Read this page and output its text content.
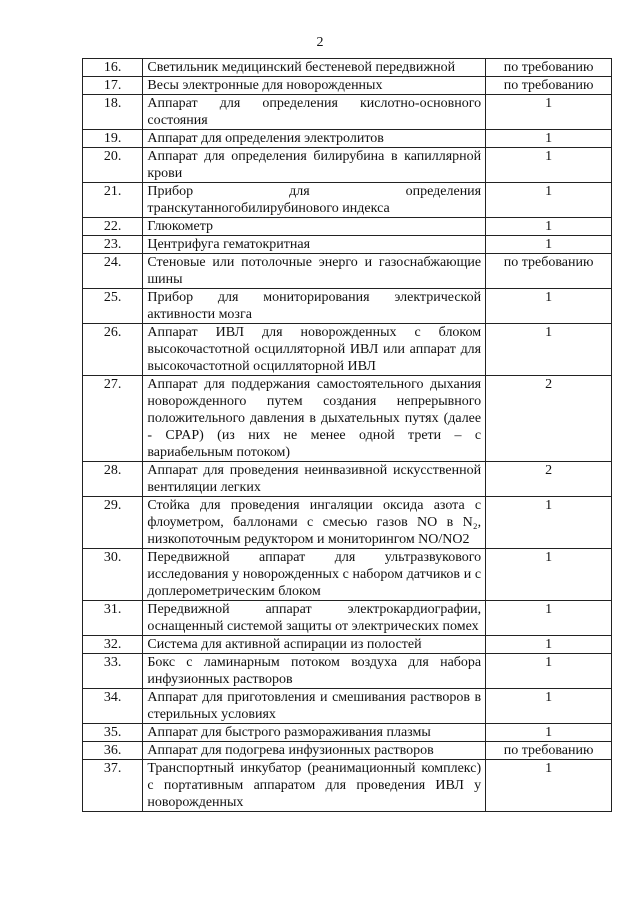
2
16.	Светильник медицинский бестеневой передвижной	по требованию
17.	Весы электронные для новорожденных	по требованию
18.	Аппарат для определения кислотно-основного состояния	1
19.	Аппарат для определения электролитов	1
20.	Аппарат для определения билирубина в капиллярной крови	1
21.	Прибор для определения транскутанногобилирубинового индекса	1
22.	Глюкометр	1
23.	Центрифуга гематокритная	1
24.	Стеновые или потолочные энерго и газоснабжающие шины	по требованию
25.	Прибор для мониторирования электрической активности мозга	1
26.	Аппарат ИВЛ для новорожденных с блоком высокочастотной осцилляторной ИВЛ или аппарат для высокочастотной осцилляторной ИВЛ	1
27.	Аппарат для поддержания самостоятельного дыхания новорожденного путем создания непрерывного положительного давления в дыхательных путях (далее - CPAP) (из них не менее одной трети – с вариабельным потоком)	2
28.	Аппарат для проведения неинвазивной искусственной вентиляции легких	2
29.	Стойка для проведения ингаляции оксида азота с флоуметром, баллонами с смесью газов NO в N₂, низкопоточным редуктором и мониторингом NO/NO2	1
30.	Передвижной аппарат для ультразвукового исследования у новорожденных с набором датчиков и с доплерометрическим блоком	1
31.	Передвижной аппарат электрокардиографии, оснащенный системой защиты от электрических помех	1
32.	Система для активной аспирации из полостей	1
33.	Бокс с ламинарным потоком воздуха для набора инфузионных растворов	1
34.	Аппарат для приготовления и смешивания растворов в стерильных условиях	1
35.	Аппарат для быстрого размораживания плазмы	1
36.	Аппарат для подогрева инфузионных растворов	по требованию
37.	Транспортный инкубатор (реанимационный комплекс) с портативным аппаратом для проведения ИВЛ у новорожденных	1
